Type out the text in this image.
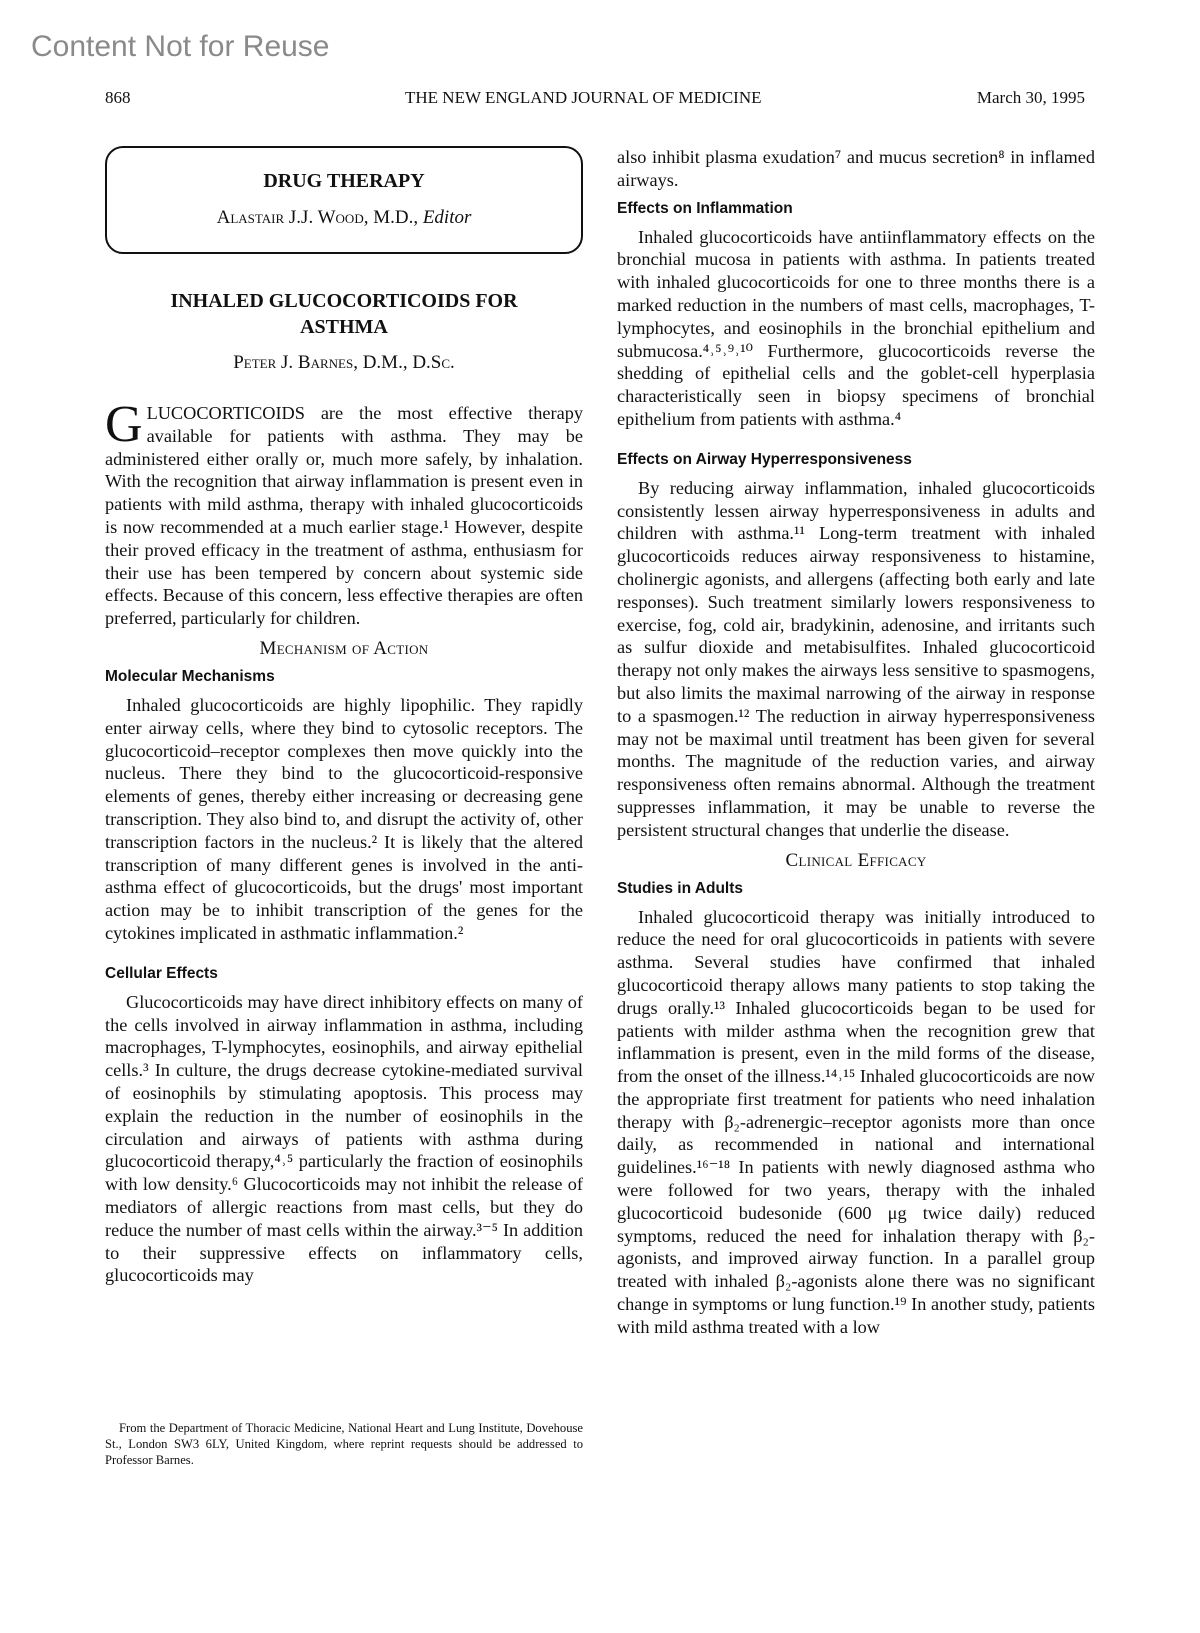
Content Not for Reuse
868	THE NEW ENGLAND JOURNAL OF MEDICINE	March 30, 1995
DRUG THERAPY
Alastair J.J. Wood, M.D., Editor
INHALED GLUCOCORTICOIDS FOR
ASTHMA
Peter J. Barnes, D.M., D.Sc.

GLUCOCORTICOIDS are the most effective therapy available for patients with asthma. They may be administered either orally or, much more safely, by inhalation. With the recognition that airway inflammation is present even in patients with mild asthma, therapy with inhaled glucocorticoids is now recommended at a much earlier stage.¹ However, despite their proved efficacy in the treatment of asthma, enthusiasm for their use has been tempered by concern about systemic side effects. Because of this concern, less effective therapies are often preferred, particularly for children.

Mechanism of Action
Molecular Mechanisms

Inhaled glucocorticoids are highly lipophilic. They rapidly enter airway cells, where they bind to cytosolic receptors. The glucocorticoid–receptor complexes then move quickly into the nucleus. There they bind to the glucocorticoid-responsive elements of genes, thereby either increasing or decreasing gene transcription. They also bind to, and disrupt the activity of, other transcription factors in the nucleus.² It is likely that the altered transcription of many different genes is involved in the anti-asthma effect of glucocorticoids, but the drugs' most important action may be to inhibit transcription of the genes for the cytokines implicated in asthmatic inflammation.²

Cellular Effects

Glucocorticoids may have direct inhibitory effects on many of the cells involved in airway inflammation in asthma, including macrophages, T-lymphocytes, eosinophils, and airway epithelial cells.³ In culture, the drugs decrease cytokine-mediated survival of eosinophils by stimulating apoptosis. This process may explain the reduction in the number of eosinophils in the circulation and airways of patients with asthma during glucocorticoid therapy,⁴˒⁵ particularly the fraction of eosinophils with low density.⁶ Glucocorticoids may not inhibit the release of mediators of allergic reactions from mast cells, but they do reduce the number of mast cells within the airway.³⁻⁵ In addition to their suppressive effects on inflammatory cells, glucocorticoids may

From the Department of Thoracic Medicine, National Heart and Lung Institute, Dovehouse St., London SW3 6LY, United Kingdom, where reprint requests should be addressed to Professor Barnes.

also inhibit plasma exudation⁷ and mucus secretion⁸ in inflamed airways.

Effects on Inflammation

Inhaled glucocorticoids have antiinflammatory effects on the bronchial mucosa in patients with asthma. In patients treated with inhaled glucocorticoids for one to three months there is a marked reduction in the numbers of mast cells, macrophages, T-lymphocytes, and eosinophils in the bronchial epithelium and submucosa.⁴˒⁵˒⁹˒¹⁰ Furthermore, glucocorticoids reverse the shedding of epithelial cells and the goblet-cell hyperplasia characteristically seen in biopsy specimens of bronchial epithelium from patients with asthma.⁴

Effects on Airway Hyperresponsiveness

By reducing airway inflammation, inhaled glucocorticoids consistently lessen airway hyperresponsiveness in adults and children with asthma.¹¹ Long-term treatment with inhaled glucocorticoids reduces airway responsiveness to histamine, cholinergic agonists, and allergens (affecting both early and late responses). Such treatment similarly lowers responsiveness to exercise, fog, cold air, bradykinin, adenosine, and irritants such as sulfur dioxide and metabisulfites. Inhaled glucocorticoid therapy not only makes the airways less sensitive to spasmogens, but also limits the maximal narrowing of the airway in response to a spasmogen.¹² The reduction in airway hyperresponsiveness may not be maximal until treatment has been given for several months. The magnitude of the reduction varies, and airway responsiveness often remains abnormal. Although the treatment suppresses inflammation, it may be unable to reverse the persistent structural changes that underlie the disease.

Clinical Efficacy
Studies in Adults

Inhaled glucocorticoid therapy was initially introduced to reduce the need for oral glucocorticoids in patients with severe asthma. Several studies have confirmed that inhaled glucocorticoid therapy allows many patients to stop taking the drugs orally.¹³ Inhaled glucocorticoids began to be used for patients with milder asthma when the recognition grew that inflammation is present, even in the mild forms of the disease, from the onset of the illness.¹⁴˒¹⁵ Inhaled glucocorticoids are now the appropriate first treatment for patients who need inhalation therapy with β₂-adrenergic–receptor agonists more than once daily, as recommended in national and international guidelines.¹⁶⁻¹⁸ In patients with newly diagnosed asthma who were followed for two years, therapy with the inhaled glucocorticoid budesonide (600 μg twice daily) reduced symptoms, reduced the need for inhalation therapy with β₂-agonists, and improved airway function. In a parallel group treated with inhaled β₂-agonists alone there was no significant change in symptoms or lung function.¹⁹ In another study, patients with mild asthma treated with a low
